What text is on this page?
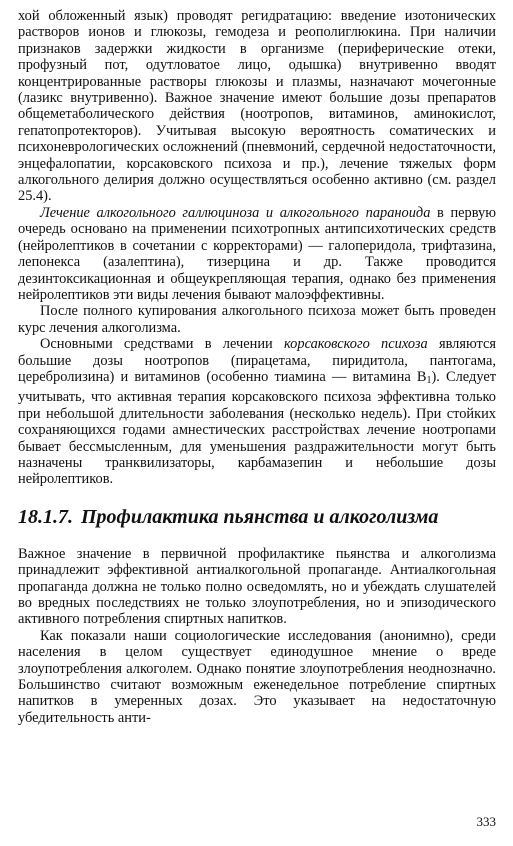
хой обложенный язык) проводят регидратацию: введение изотонических растворов ионов и глюкозы, гемодеза и реополиглюкина. При наличии признаков задержки жидкости в организме (периферические отеки, профузный пот, одутловатое лицо, одышка) внутривенно вводят концентрированные растворы глюкозы и плазмы, назначают мочегонные (лазикс внутривенно). Важное значение имеют большие дозы препаратов общеметаболического действия (ноотропов, витаминов, аминокислот, гепатопротекторов). Учитывая высокую вероятность соматических и психоневрологических осложнений (пневмоний, сердечной недостаточности, энцефалопатии, корсаковского психоза и пр.), лечение тяжелых форм алкогольного делирия должно осуществляться особенно активно (см. раздел 25.4).

Лечение алкогольного галлюциноза и алкогольного параноида в первую очередь основано на применении психотропных антипсихотических средств (нейролептиков в сочетании с корректорами) — галоперидола, трифтазина, лепонекса (азалептина), тизерцина и др. Также проводится дезинтоксикационная и общеукрепляющая терапия, однако без применения нейролептиков эти виды лечения бывают малоэффективны.

После полного купирования алкогольного психоза может быть проведен курс лечения алкоголизма.

Основными средствами в лечении корсаковского психоза являются большие дозы ноотропов (пирацетама, пиридитола, пантогама, церебролизина) и витаминов (особенно тиамина — витамина $B_1$). Следует учитывать, что активная терапия корсаковского психоза эффективна только при небольшой длительности заболевания (несколько недель). При стойких сохраняющихся годами амнестических расстройствах лечение ноотропами бывает бессмысленным, для уменьшения раздражительности могут быть назначены транквилизаторы, карбамазепин и небольшие дозы нейролептиков.

18.1.7. Профилактика пьянства и алкоголизма

Важное значение в первичной профилактике пьянства и алкоголизма принадлежит эффективной антиалкогольной пропаганде. Антиалкогольная пропаганда должна не только полно осведомлять, но и убеждать слушателей во вредных последствиях не только злоупотребления, но и эпизодического активного потребления спиртных напитков.

Как показали наши социологические исследования (анонимно), среди населения в целом существует единодушное мнение о вреде злоупотребления алкоголем. Однако понятие злоупотребления неоднозначно. Большинство считают возможным еженедельное потребление спиртных напитков в умеренных дозах. Это указывает на недостаточную убедительность анти-

333
